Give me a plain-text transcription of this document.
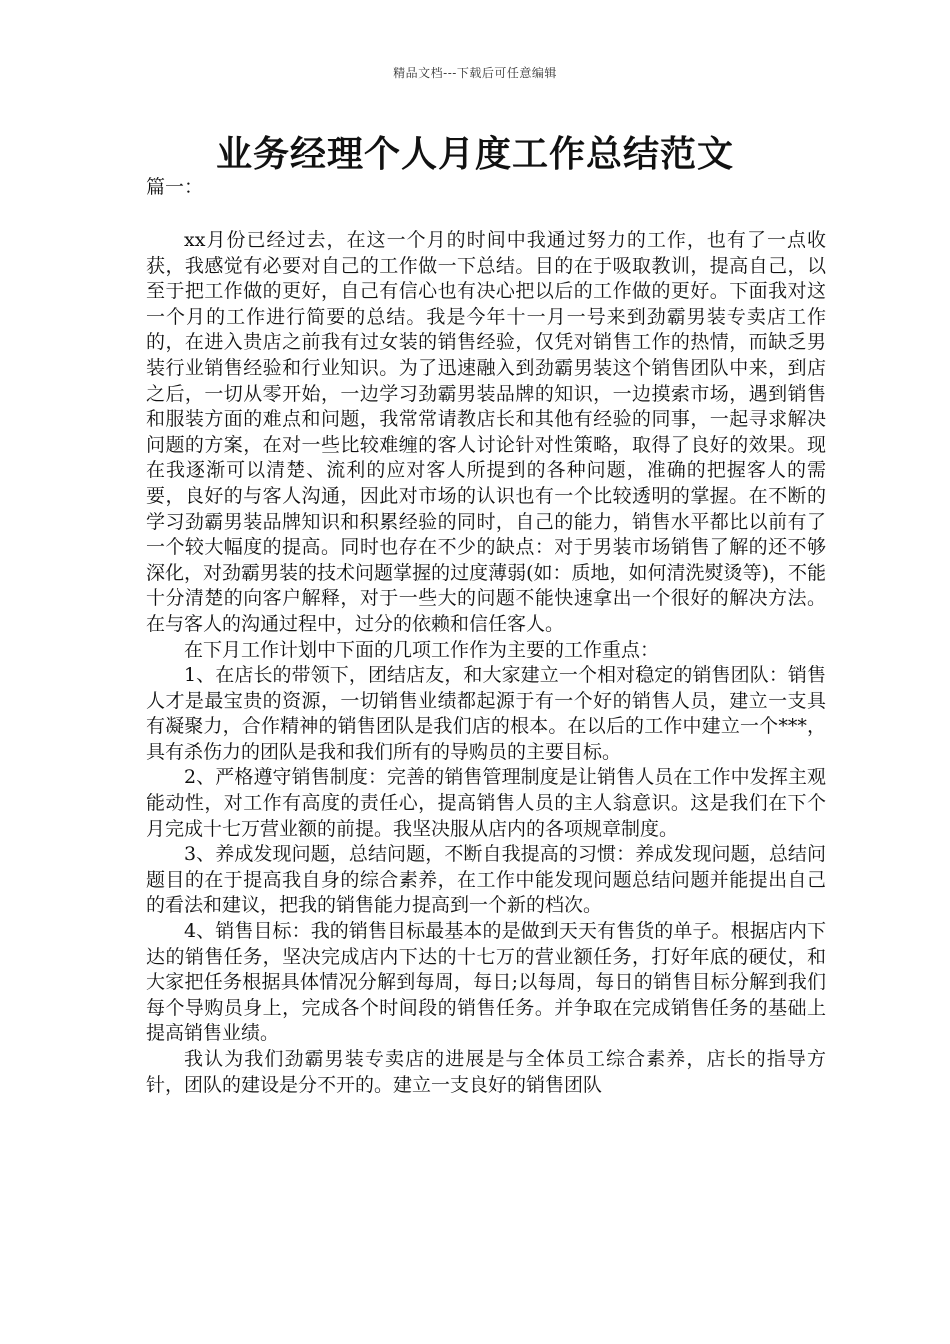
精品文档---下载后可任意编辑
业务经理个人月度工作总结范文
篇一：

xx月份已经过去，在这一个月的时间中我通过努力的工作，也有了一点收获，我感觉有必要对自己的工作做一下总结。目的在于吸取教训，提高自己，以至于把工作做的更好，自己有信心也有决心把以后的工作做的更好。下面我对这一个月的工作进行简要的总结。我是今年十一月一号来到劲霸男装专卖店工作的，在进入贵店之前我有过女装的销售经验，仅凭对销售工作的热情，而缺乏男装行业销售经验和行业知识。为了迅速融入到劲霸男装这个销售团队中来，到店之后，一切从零开始，一边学习劲霸男装品牌的知识，一边摸索市场，遇到销售和服装方面的难点和问题，我常常请教店长和其他有经验的同事，一起寻求解决问题的方案，在对一些比较难缠的客人讨论针对性策略，取得了良好的效果。现在我逐渐可以清楚、流利的应对客人所提到的各种问题，准确的把握客人的需要，良好的与客人沟通，因此对市场的认识也有一个比较透明的掌握。在不断的学习劲霸男装品牌知识和积累经验的同时，自己的能力，销售水平都比以前有了一个较大幅度的提高。同时也存在不少的缺点：对于男装市场销售了解的还不够深化，对劲霸男装的技术问题掌握的过度薄弱(如：质地，如何清洗熨烫等)，不能十分清楚的向客户解释，对于一些大的问题不能快速拿出一个很好的解决方法。在与客人的沟通过程中，过分的依赖和信任客人。

在下月工作计划中下面的几项工作作为主要的工作重点：

1、在店长的带领下，团结店友，和大家建立一个相对稳定的销售团队：销售人才是最宝贵的资源，一切销售业绩都起源于有一个好的销售人员，建立一支具有凝聚力，合作精神的销售团队是我们店的根本。在以后的工作中建立一个***，具有杀伤力的团队是我和我们所有的导购员的主要目标。

2、严格遵守销售制度：完善的销售管理制度是让销售人员在工作中发挥主观能动性，对工作有高度的责任心，提高销售人员的主人翁意识。这是我们在下个月完成十七万营业额的前提。我坚决服从店内的各项规章制度。

3、养成发现问题，总结问题，不断自我提高的习惯：养成发现问题，总结问题目的在于提高我自身的综合素养，在工作中能发现问题总结问题并能提出自己的看法和建议，把我的销售能力提高到一个新的档次。

4、销售目标：我的销售目标最基本的是做到天天有售货的单子。根据店内下达的销售任务，坚决完成店内下达的十七万的营业额任务，打好年底的硬仗，和大家把任务根据具体情况分解到每周，每日;以每周，每日的销售目标分解到我们每个导购员身上，完成各个时间段的销售任务。并争取在完成销售任务的基础上提高销售业绩。

我认为我们劲霸男装专卖店的进展是与全体员工综合素养，店长的指导方针，团队的建设是分不开的。建立一支良好的销售团队
